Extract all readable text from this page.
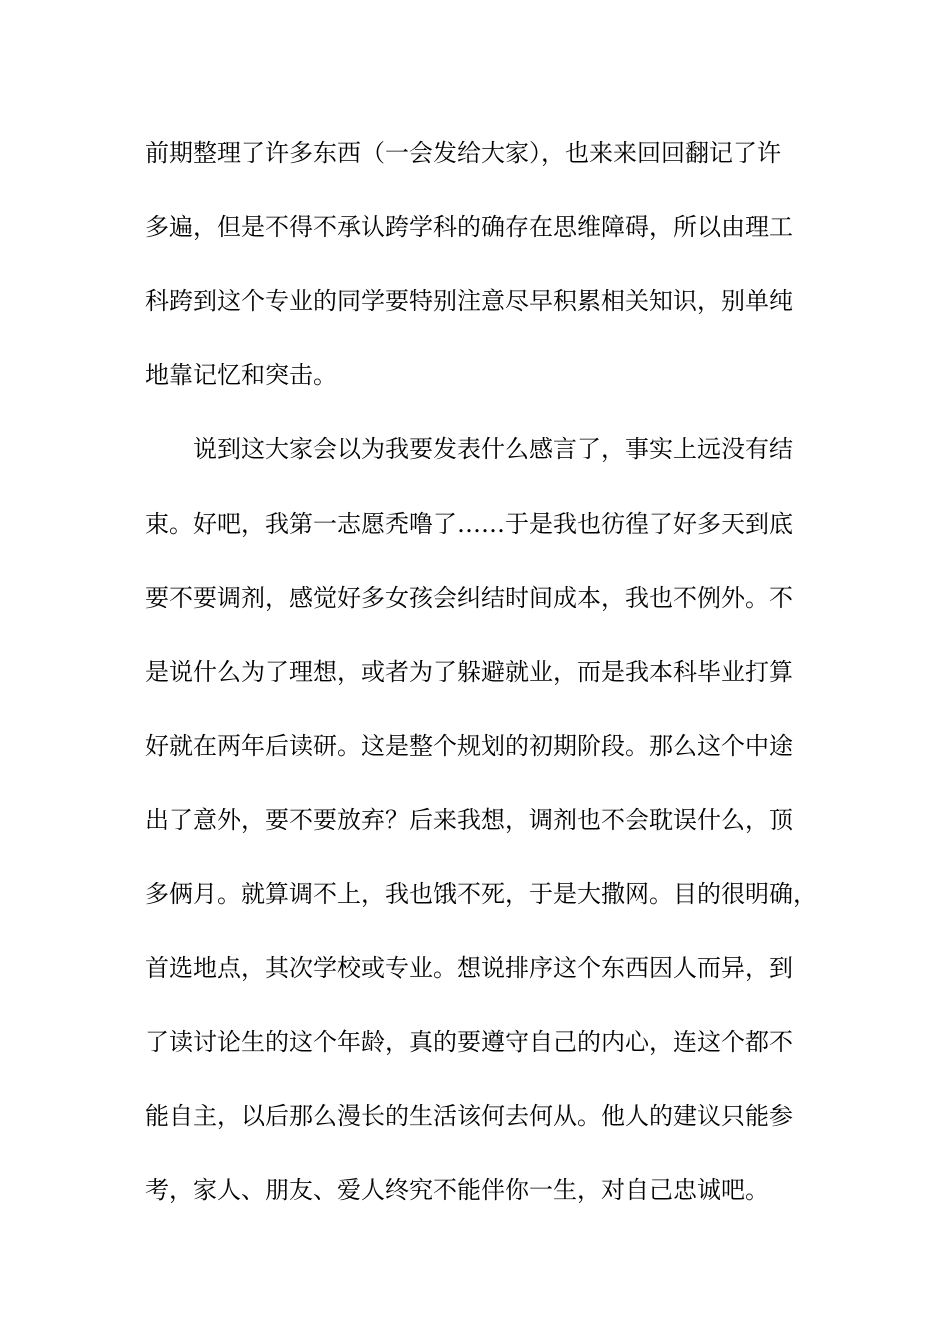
前期整理了许多东西（一会发给大家），也来来回回翻记了许
多遍，但是不得不承认跨学科的确存在思维障碍，所以由理工
科跨到这个专业的同学要特别注意尽早积累相关知识，别单纯
地靠记忆和突击。
说到这大家会以为我要发表什么感言了，事实上远没有结
束。好吧，我第一志愿秃噜了……于是我也彷徨了好多天到底
要不要调剂，感觉好多女孩会纠结时间成本，我也不例外。不
是说什么为了理想，或者为了躲避就业，而是我本科毕业打算
好就在两年后读研。这是整个规划的初期阶段。那么这个中途
出了意外，要不要放弃？后来我想，调剂也不会耽误什么，顶
多俩月。就算调不上，我也饿不死，于是大撒网。目的很明确，
首选地点，其次学校或专业。想说排序这个东西因人而异，到
了读讨论生的这个年龄，真的要遵守自己的内心，连这个都不
能自主，以后那么漫长的生活该何去何从。他人的建议只能参
考，家人、朋友、爱人终究不能伴你一生，对自己忠诚吧。
